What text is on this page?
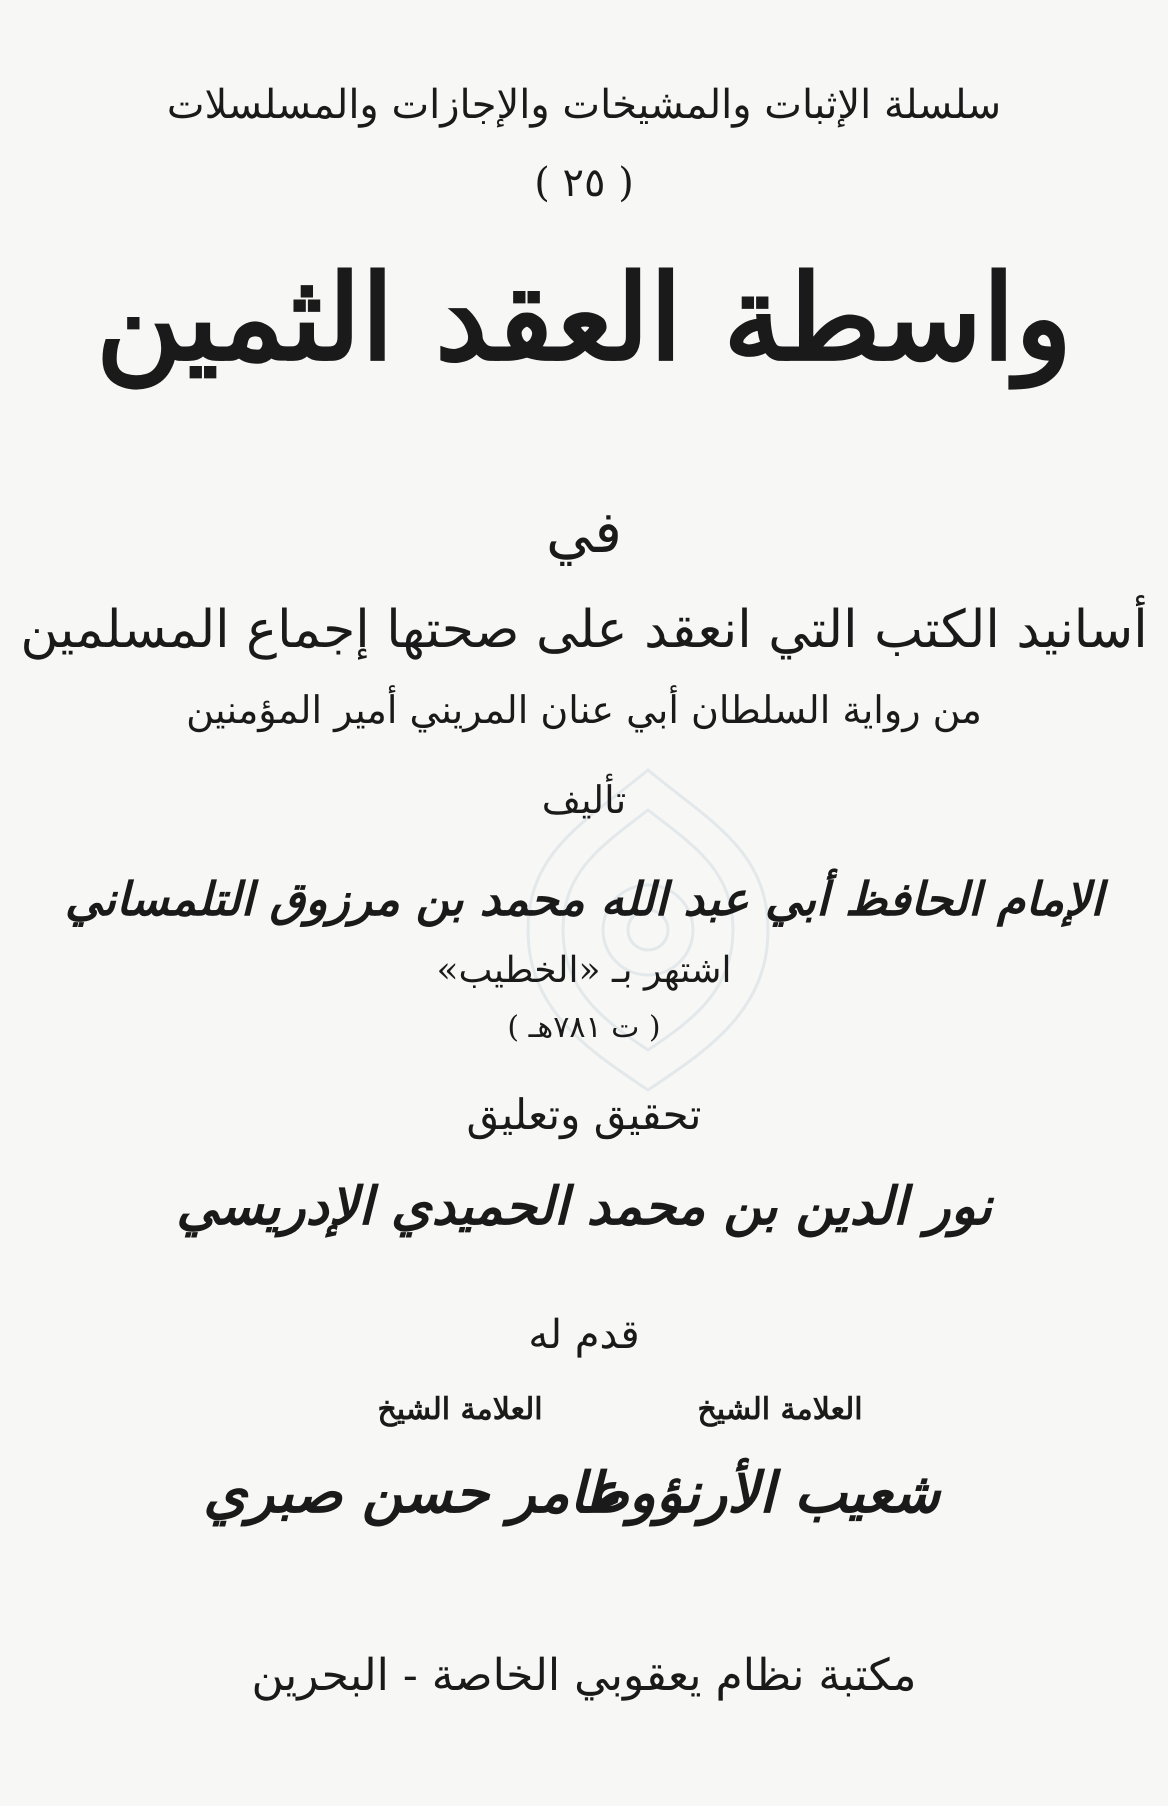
سلسلة الإثبات والمشيخات والإجازات والمسلسلات
( ٢٥ )
واسطة العقد الثمين
في
أسانيد الكتب التي انعقد على صحتها إجماع المسلمين
من رواية السلطان أبي عنان المريني أمير المؤمنين
تأليف
الإمام الحافظ أبي عبد الله محمد بن مرزوق التلمساني
اشتهر بـ «الخطيب»
( ت ٧٨١هـ )
تحقيق وتعليق
نور الدين بن محمد الحميدي الإدريسي
قدم له
العلامة الشيخ
شعيب الأرنؤوط
العلامة الشيخ
عامر حسن صبري
مكتبة نظام يعقوبي الخاصة - البحرين
